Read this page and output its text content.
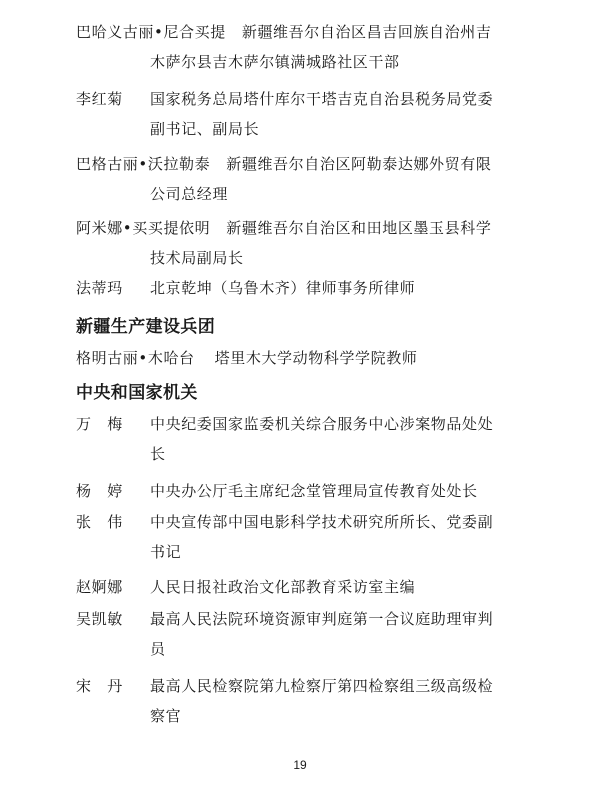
巴哈义古丽•尼合买提 新疆维吾尔自治区昌吉回族自治州吉
木萨尔县吉木萨尔镇满城路社区干部
李红菊 国家税务总局塔什库尔干塔吉克自治县税务局党委
副书记、副局长
巴格古丽•沃拉勒泰 新疆维吾尔自治区阿勒泰达娜外贸有限
公司总经理
阿米娜•买买提依明 新疆维吾尔自治区和田地区墨玉县科学
技术局副局长
法蒂玛 北京乾坤（乌鲁木齐）律师事务所律师
新疆生产建设兵团
格明古丽•木哈台 塔里木大学动物科学学院教师
中央和国家机关
万　梅 中央纪委国家监委机关综合服务中心涉案物品处处
长
杨　婷 中央办公厅毛主席纪念堂管理局宣传教育处处长
张　伟 中央宣传部中国电影科学技术研究所所长、党委副
书记
赵婀娜 人民日报社政治文化部教育采访室主编
吴凯敏 最高人民法院环境资源审判庭第一合议庭助理审判
员
宋　丹 最高人民检察院第九检察厅第四检察组三级高级检
察官
19
